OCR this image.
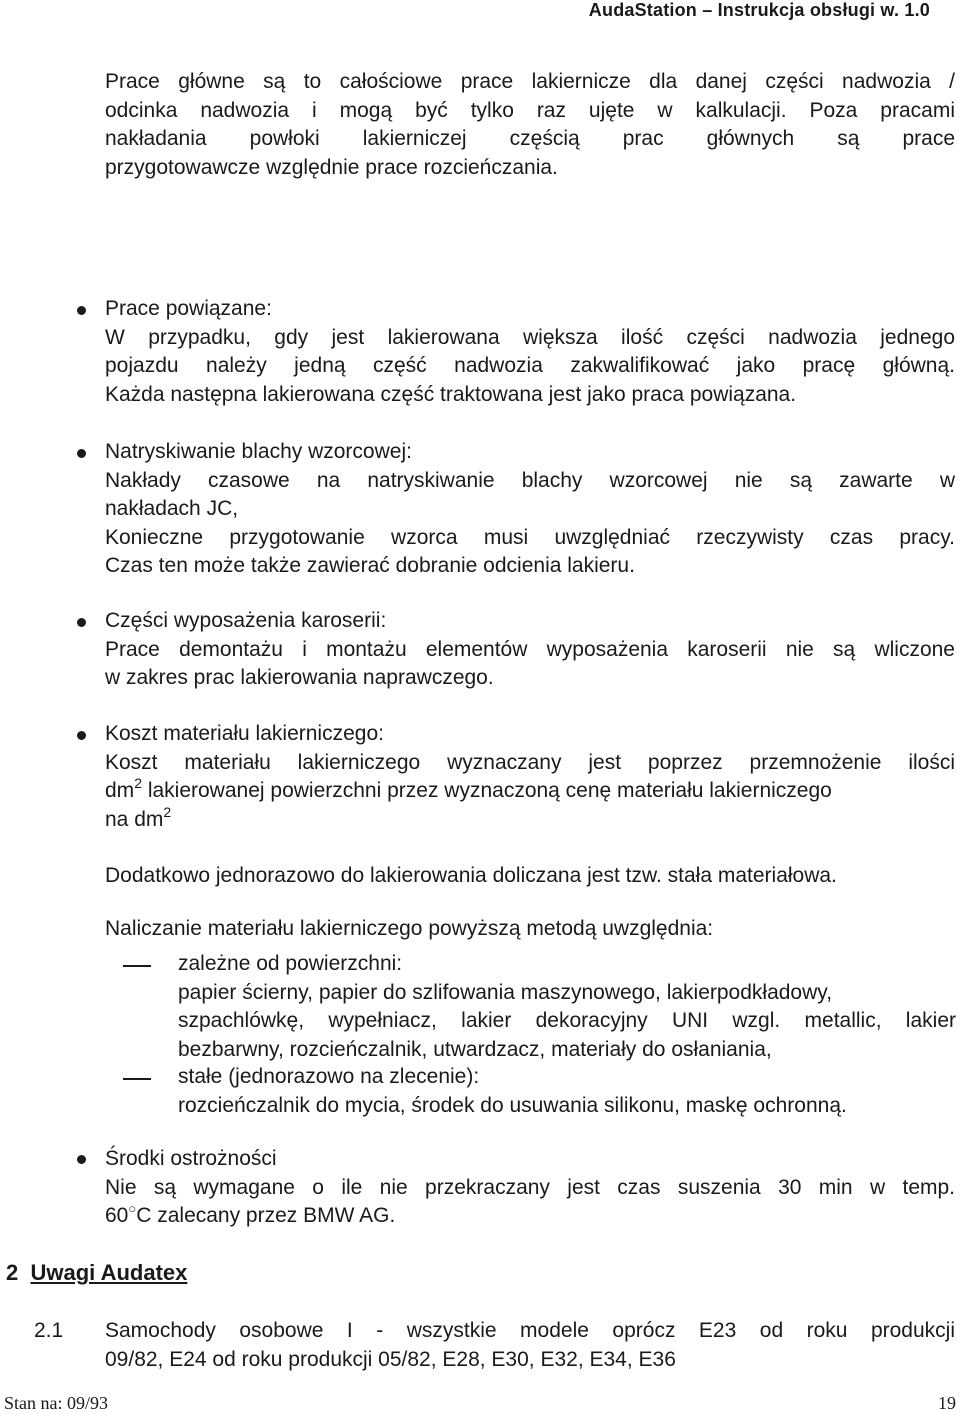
AudaStation – Instrukcja obsługi w. 1.0
Prace główne są to całościowe prace lakiernicze dla danej części nadwozia /
odcinka nadwozia i mogą być tylko raz ujęte w kalkulacji. Poza pracami
nakładania powłoki lakierniczej częścią prac głównych są prace
przygotowawcze względnie prace rozcieńczania.
Prace powiązane:
W przypadku, gdy jest lakierowana większa ilość części nadwozia jednego
pojazdu należy jedną część nadwozia zakwalifikować jako pracę główną.
Każda następna lakierowana część traktowana jest jako praca powiązana.
Natryskiwanie blachy wzorcowej:
Nakłady czasowe na natryskiwanie blachy wzorcowej nie są zawarte w
nakładach JC,
Konieczne przygotowanie wzorca musi uwzględniać rzeczywisty czas pracy.
Czas ten może także zawierać dobranie odcienia lakieru.
Części wyposażenia karoserii:
Prace demontażu i montażu elementów wyposażenia karoserii nie są wliczone
w zakres prac lakierowania naprawczego.
Koszt materiału lakierniczego:
Koszt materiału lakierniczego wyznaczany jest poprzez przemnożenie ilości
$dm^2$ lakierowanej powierzchni przez wyznaczoną cenę materiału lakierniczego
na $dm^2$
Dodatkowo jednorazowo do lakierowania doliczana jest tzw. stała materiałowa.
Naliczanie materiału lakierniczego powyższą metodą uwzględnia:
zależne od powierzchni:
papier ścierny, papier do szlifowania maszynowego, lakierpodkładowy,
szpachlówkę, wypełniacz, lakier dekoracyjny UNI wzgl. metallic, lakier
bezbarwny, rozcieńczalnik, utwardzacz, materiały do osłaniania,
stałe (jednorazowo na zlecenie):
rozcieńczalnik do mycia, środek do usuwania silikonu, maskę ochronną.
Środki ostrożności
Nie są wymagane o ile nie przekraczany jest czas suszenia 30 min w temp.
60○C zalecany przez BMW AG.
2 Uwagi Audatex
2.1 Samochody osobowe I - wszystkie modele oprócz E23 od roku produkcji
09/82, E24 od roku produkcji 05/82, E28, E30, E32, E34, E36
Stan na: 09/93	19
